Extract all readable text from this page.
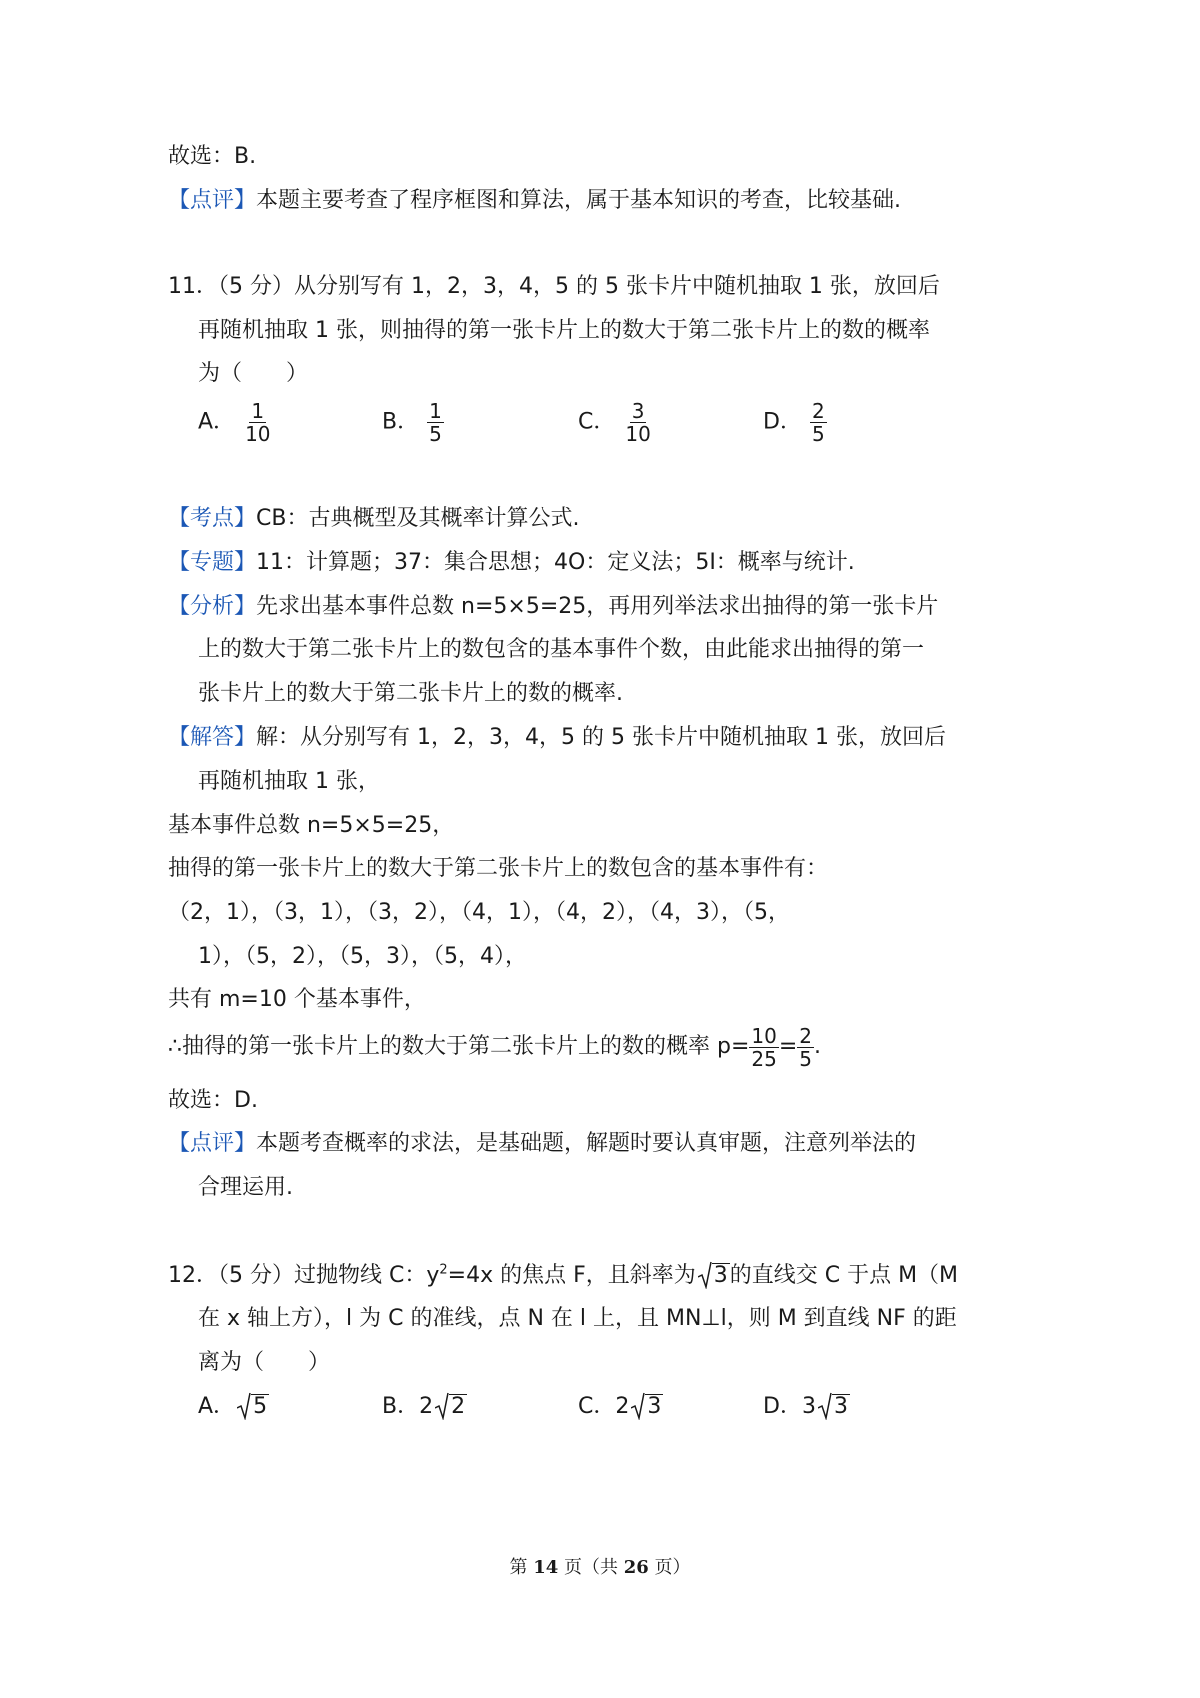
故选：B.
【点评】本题主要考查了程序框图和算法，属于基本知识的考查，比较基础.
11．（5 分）从分别写有 1，2，3，4，5 的 5 张卡片中随机抽取 1 张，放回后
再随机抽取 1 张，则抽得的第一张卡片上的数大于第二张卡片上的数的概率
为（　　）
A． $\frac{1}{10}$	B． $\frac{1}{5}$	C． $\frac{3}{10}$	D． $\frac{2}{5}$
【考点】CB：古典概型及其概率计算公式.
【专题】11：计算题；37：集合思想；4O：定义法；5I：概率与统计.
【分析】先求出基本事件总数 n=5×5=25，再用列举法求出抽得的第一张卡片
上的数大于第二张卡片上的数包含的基本事件个数，由此能求出抽得的第一
张卡片上的数大于第二张卡片上的数的概率.
【解答】解：从分别写有 1，2，3，4，5 的 5 张卡片中随机抽取 1 张，放回后
再随机抽取 1 张，
基本事件总数 n=5×5=25，
抽得的第一张卡片上的数大于第二张卡片上的数包含的基本事件有：
（2，1），（3，1），（3，2），（4，1），（4，2），（4，3），（5，
1），（5，2），（5，3），（5，4），
共有 m=10 个基本事件，
∴抽得的第一张卡片上的数大于第二张卡片上的数的概率 $p= \frac{10}{25} = \frac{2}{5}$ .
故选：D.
【点评】本题考查概率的求法，是基础题，解题时要认真审题，注意列举法的
合理运用.
12．（5 分）过抛物线 C：$y^2=4x$ 的焦点 F，且斜率为 3的直线交 C 于点 M（M
在 x 轴上方），l 为 C 的准线，点 N 在 l 上，且 MN⊥l，则 M 到直线 NF 的距
离为（　　）
A． 5	B．2 2	C．2 3	D．3 3
第 14 页（共 26 页）
